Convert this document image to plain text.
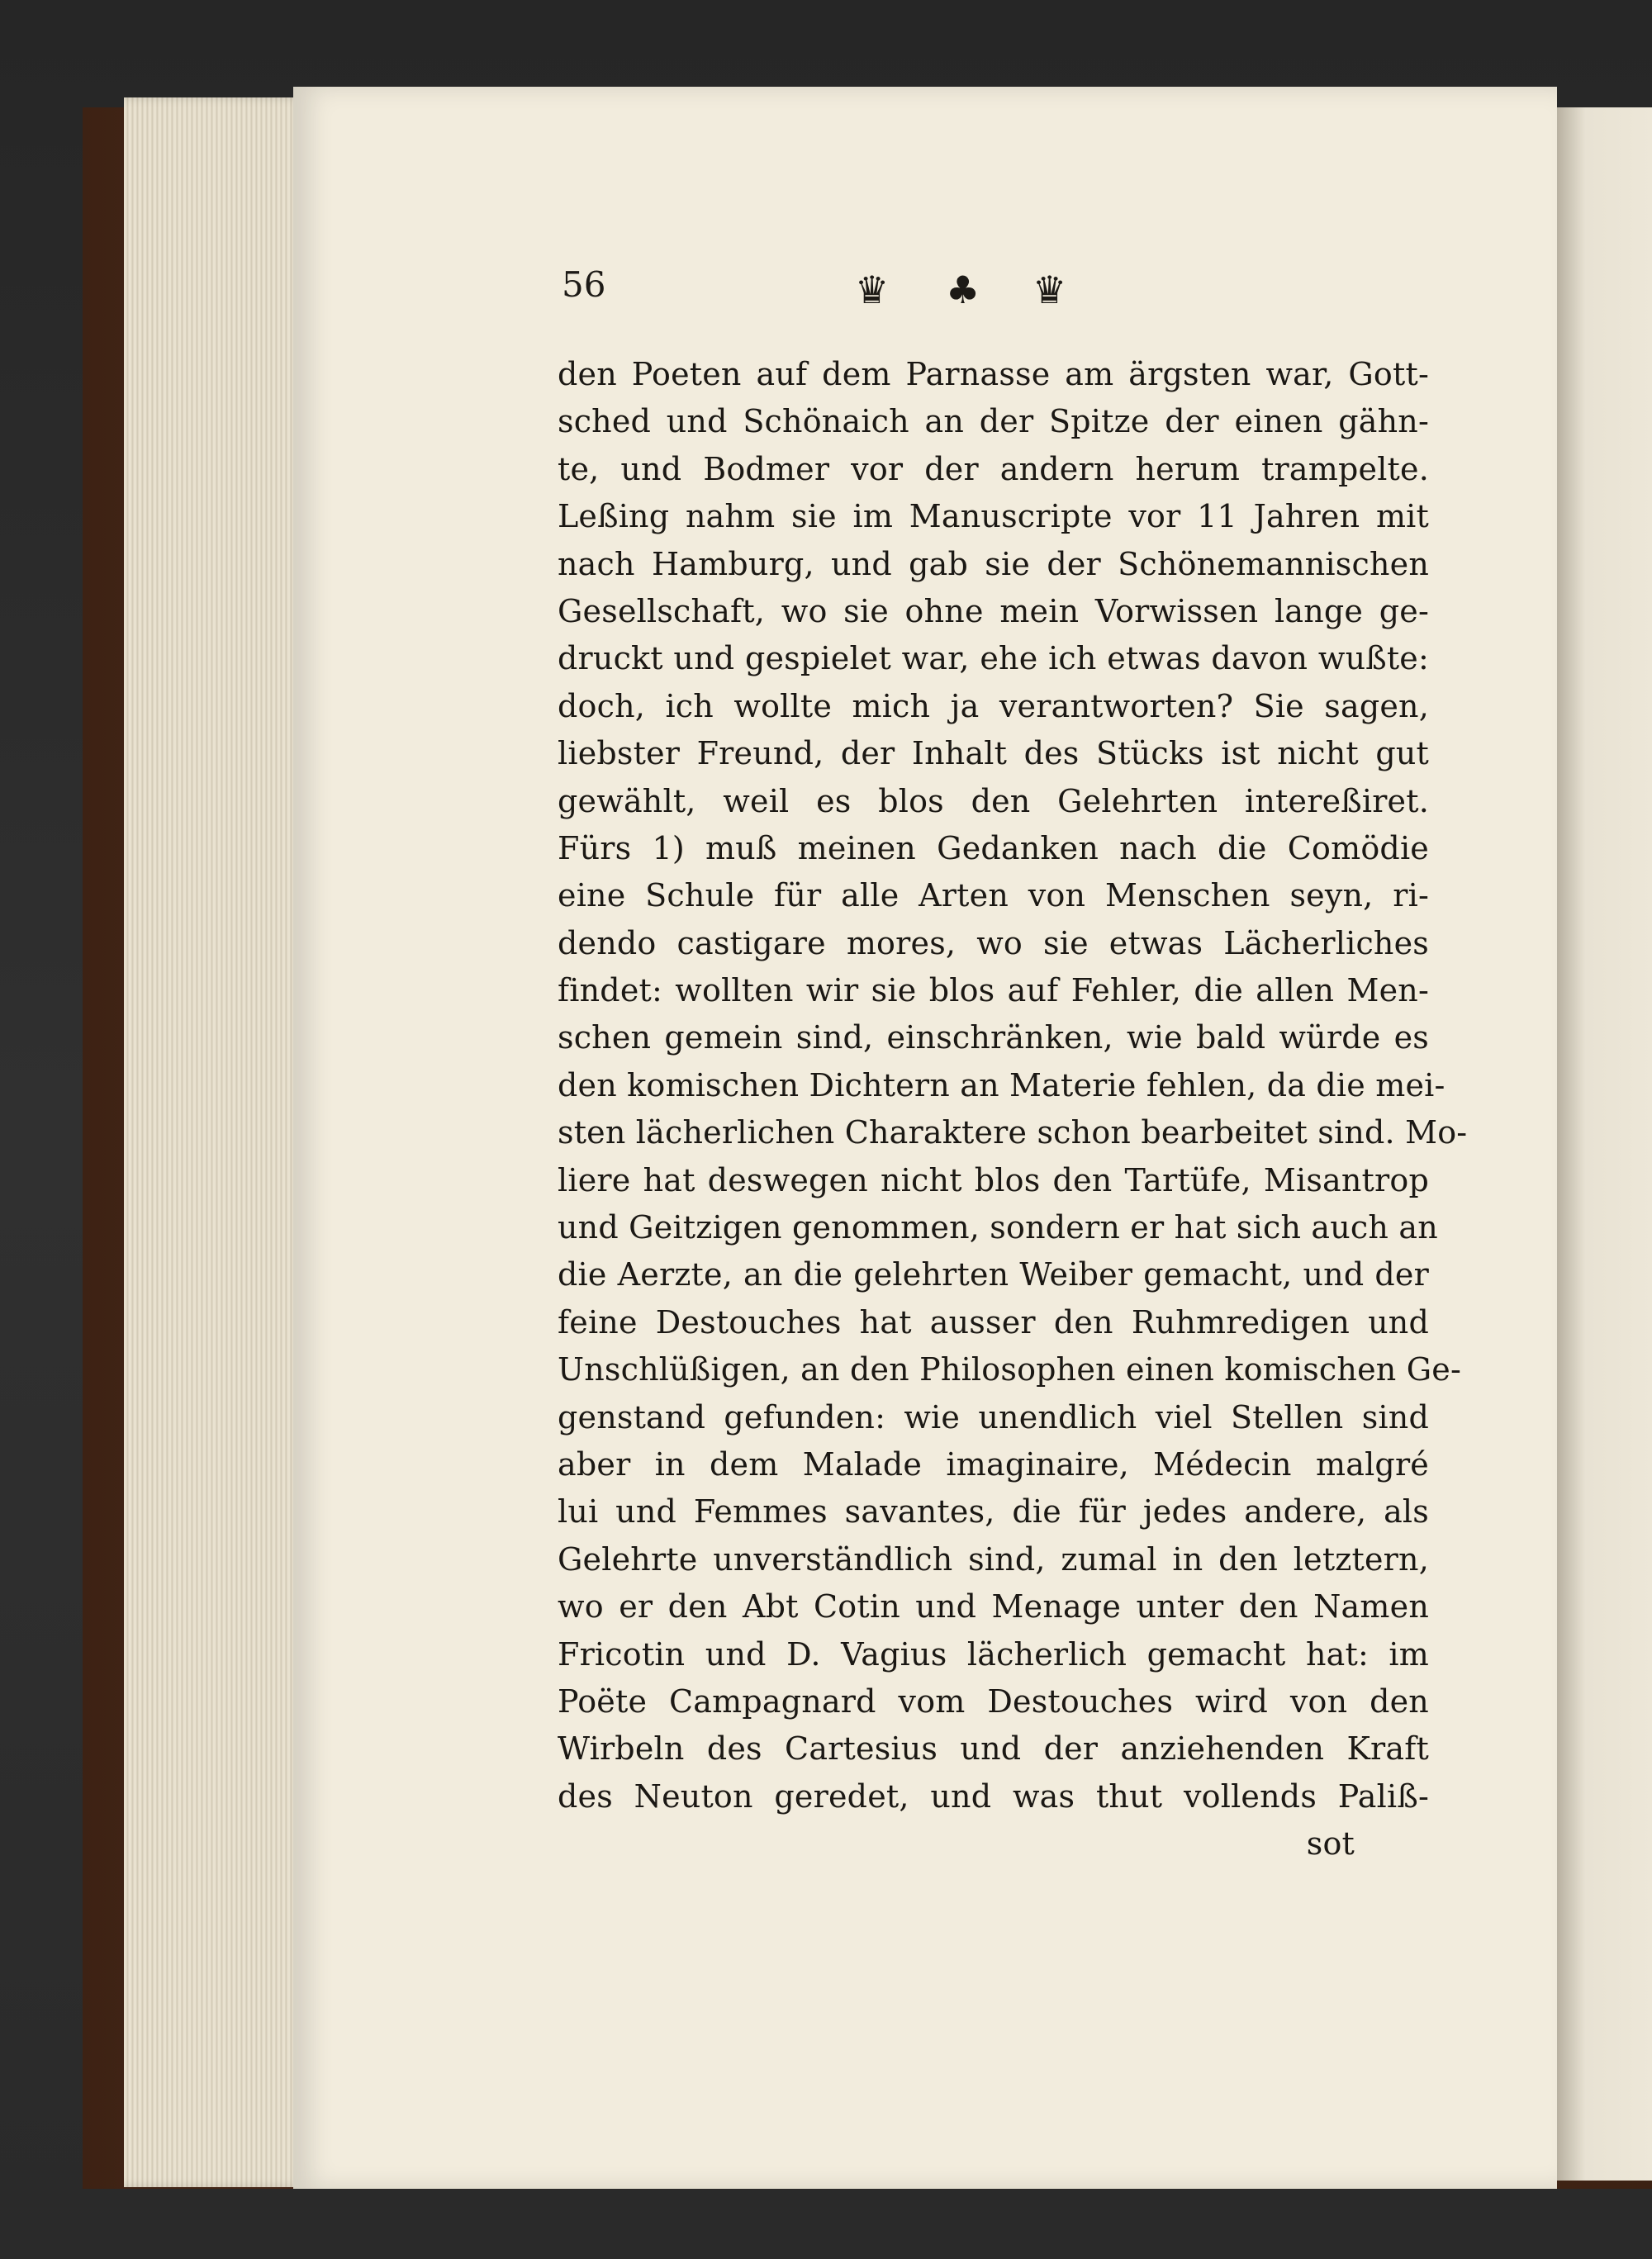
56	♛ ♣ ♛
den Poeten auf dem Parnasse am ärgsten war, Gott-
sched und Schönaich an der Spitze der einen gähn-
te, und Bodmer vor der andern herum trampelte.
Leßing nahm sie im Manuscripte vor 11 Jahren mit
nach Hamburg, und gab sie der Schönemannischen
Gesellschaft, wo sie ohne mein Vorwissen lange ge-
druckt und gespielet war, ehe ich etwas davon wußte:
doch, ich wollte mich ja verantworten? Sie sagen,
liebster Freund, der Inhalt des Stücks ist nicht gut
gewählt, weil es blos den Gelehrten intereßiret.
Fürs 1) muß meinen Gedanken nach die Comödie
eine Schule für alle Arten von Menschen seyn, ri-
dendo castigare mores, wo sie etwas Lächerliches
findet: wollten wir sie blos auf Fehler, die allen Men-
schen gemein sind, einschränken, wie bald würde es
den komischen Dichtern an Materie fehlen, da die mei-
sten lächerlichen Charaktere schon bearbeitet sind. Mo-
liere hat deswegen nicht blos den Tartüfe, Misantrop
und Geitzigen genommen, sondern er hat sich auch an
die Aerzte, an die gelehrten Weiber gemacht, und der
feine Destouches hat ausser den Ruhmredigen und
Unschlüßigen, an den Philosophen einen komischen Ge-
genstand gefunden: wie unendlich viel Stellen sind
aber in dem Malade imaginaire, Médecin malgré
lui und Femmes savantes, die für jedes andere, als
Gelehrte unverständlich sind, zumal in den letztern,
wo er den Abt Cotin und Menage unter den Namen
Fricotin und D. Vagius lächerlich gemacht hat: im
Poëte Campagnard vom Destouches wird von den
Wirbeln des Cartesius und der anziehenden Kraft
des Neuton geredet, und was thut vollends Paliß-
sot
